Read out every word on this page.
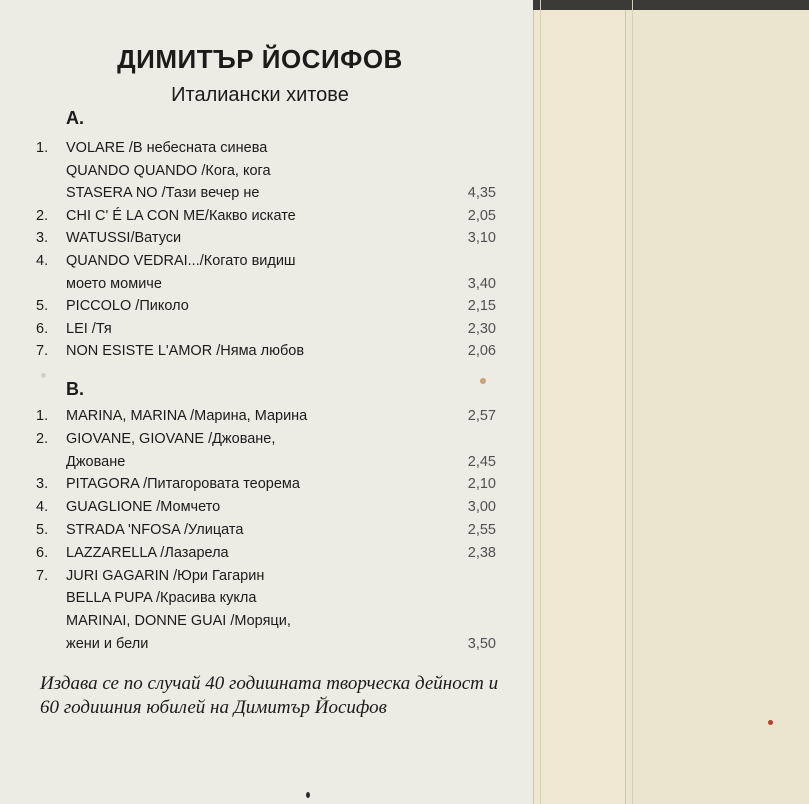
ДИМИТЪР ЙОСИФОВ
Италиански хитове
A.
1.	VOLARE /В небесната синева
QUANDO QUANDO /Кога, кога
STASERA NO /Тази вечер не	4,35
2.	CHI C' É LA CON ME/Какво искате	2,05
3.	WATUSSI/Ватуси	3,10
4.	QUANDO VEDRAI.../Когато видиш
моето момиче	3,40
5.	PICCOLO /Пиколо	2,15
6.	LEI /Тя	2,30
7.	NON ESISTE L'AMOR /Няма любов	2,06
B.
1.	MARINA, MARINA /Марина, Марина	2,57
2.	GIOVANE, GIOVANE /Джоване,
Джоване	2,45
3.	PITAGORA /Питагоровата теорема	2,10
4.	GUAGLIONE /Момчето	3,00
5.	STRADA 'NFOSA /Улицата	2,55
6.	LAZZARELLA /Лазарела	2,38
7.	JURI GAGARIN /Юри Гагарин
BELLA PUPA /Красива кукла
MARINAI, DONNE GUAI /Моряци,
жени и бели	3,50
Издава се по случай 40 годишната творческа дейност и 60 годишния юбилей на Димитър Йосифов
